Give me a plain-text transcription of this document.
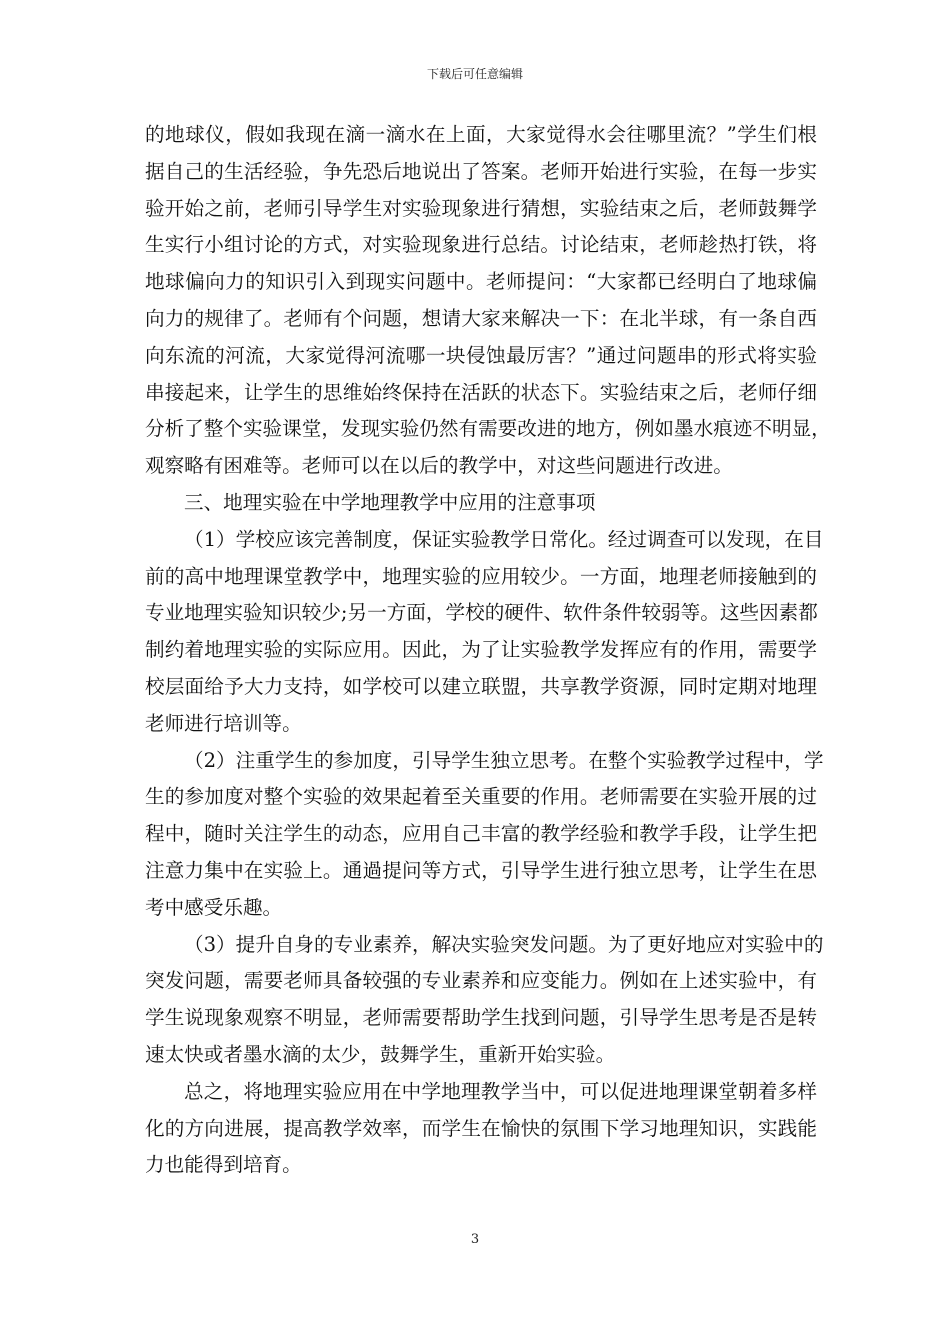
下载后可任意编辑
的地球仪，假如我现在滴一滴水在上面，大家觉得水会往哪里流？”学生们根
据自己的生活经验，争先恐后地说出了答案。老师开始进行实验，在每一步实
验开始之前，老师引导学生对实验现象进行猜想，实验结束之后，老师鼓舞学
生实行小组讨论的方式，对实验现象进行总结。讨论结束，老师趁热打铁，将
地球偏向力的知识引入到现实问题中。老师提问：“大家都已经明白了地球偏
向力的规律了。老师有个问题，想请大家来解决一下：在北半球，有一条自西
向东流的河流，大家觉得河流哪一块侵蚀最厉害？”通过问题串的形式将实验
串接起来，让学生的思维始终保持在活跃的状态下。实验结束之后，老师仔细
分析了整个实验课堂，发现实验仍然有需要改进的地方，例如墨水痕迹不明显，
观察略有困难等。老师可以在以后的教学中，对这些问题进行改进。
三、地理实验在中学地理教学中应用的注意事项
（1）学校应该完善制度，保证实验教学日常化。经过调查可以发现，在目
前的高中地理课堂教学中，地理实验的应用较少。一方面，地理老师接触到的
专业地理实验知识较少;另一方面，学校的硬件、软件条件较弱等。这些因素都
制约着地理实验的实际应用。因此，为了让实验教学发挥应有的作用，需要学
校层面给予大力支持，如学校可以建立联盟，共享教学资源，同时定期对地理
老师进行培训等。
（2）注重学生的参加度，引导学生独立思考。在整个实验教学过程中，学
生的参加度对整个实验的效果起着至关重要的作用。老师需要在实验开展的过
程中，随时关注学生的动态，应用自己丰富的教学经验和教学手段，让学生把
注意力集中在实验上。通過提问等方式，引导学生进行独立思考，让学生在思
考中感受乐趣。
（3）提升自身的专业素养，解决实验突发问题。为了更好地应对实验中的
突发问题，需要老师具备较强的专业素养和应变能力。例如在上述实验中，有
学生说现象观察不明显，老师需要帮助学生找到问题，引导学生思考是否是转
速太快或者墨水滴的太少，鼓舞学生，重新开始实验。
总之，将地理实验应用在中学地理教学当中，可以促进地理课堂朝着多样
化的方向进展，提高教学效率，而学生在愉快的氛围下学习地理知识，实践能
力也能得到培育。
3
